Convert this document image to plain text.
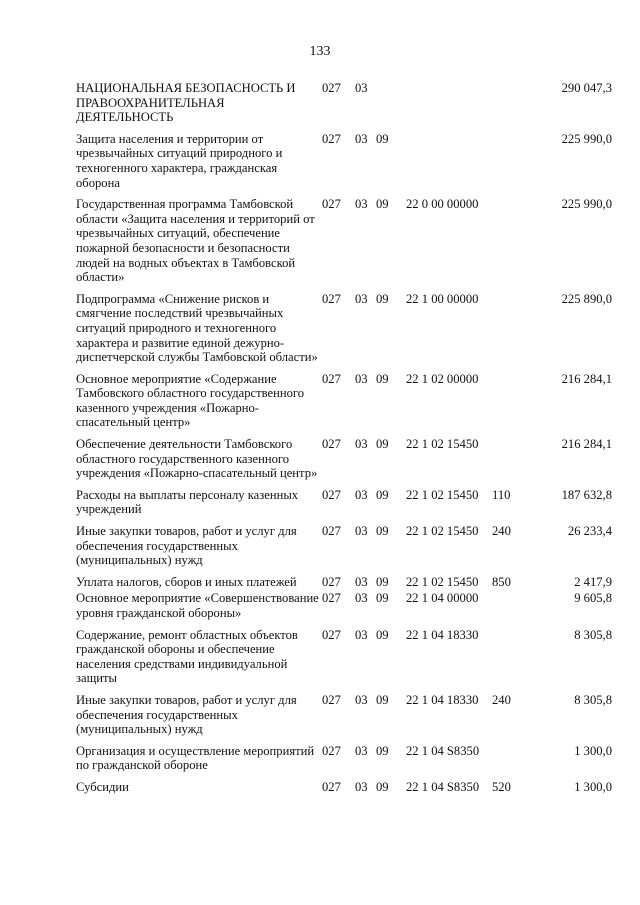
133
НАЦИОНАЛЬНАЯ БЕЗОПАСНОСТЬ И ПРАВООХРАНИТЕЛЬНАЯ ДЕЯТЕЛЬНОСТЬ	027	03				290 047,3
Защита населения и территории от чрезвычайных ситуаций природного и техногенного характера, гражданская оборона	027	03	09			225 990,0
Государственная программа Тамбовской области «Защита населения и территорий от чрезвычайных ситуаций, обеспечение пожарной безопасности и безопасности людей на водных объектах в Тамбовской области»	027	03	09	22 0 00 00000		225 990,0
Подпрограмма «Снижение рисков и смягчение последствий чрезвычайных ситуаций природного и техногенного характера и развитие единой дежурно-диспетчерской службы Тамбовской области»	027	03	09	22 1 00 00000		225 890,0
Основное мероприятие «Содержание Тамбовского областного государственного казенного учреждения «Пожарно-спасательный центр»	027	03	09	22 1 02 00000		216 284,1
Обеспечение деятельности Тамбовского областного государственного казенного учреждения «Пожарно-спасательный центр»	027	03	09	22 1 02 15450		216 284,1
Расходы на выплаты персоналу казенных учреждений	027	03	09	22 1 02 15450	110	187 632,8
Иные закупки товаров, работ и услуг для обеспечения государственных (муниципальных) нужд	027	03	09	22 1 02 15450	240	26 233,4
Уплата налогов, сборов и иных платежей	027	03	09	22 1 02 15450	850	2 417,9
Основное мероприятие «Совершенствование уровня гражданской обороны»	027	03	09	22 1 04 00000		9 605,8
Содержание, ремонт областных объектов гражданской обороны и обеспечение населения средствами индивидуальной защиты	027	03	09	22 1 04 18330		8 305,8
Иные закупки товаров, работ и услуг для обеспечения государственных (муниципальных) нужд	027	03	09	22 1 04 18330	240	8 305,8
Организация и осуществление мероприятий по гражданской обороне	027	03	09	22 1 04 S8350		1 300,0
Субсидии	027	03	09	22 1 04 S8350	520	1 300,0
